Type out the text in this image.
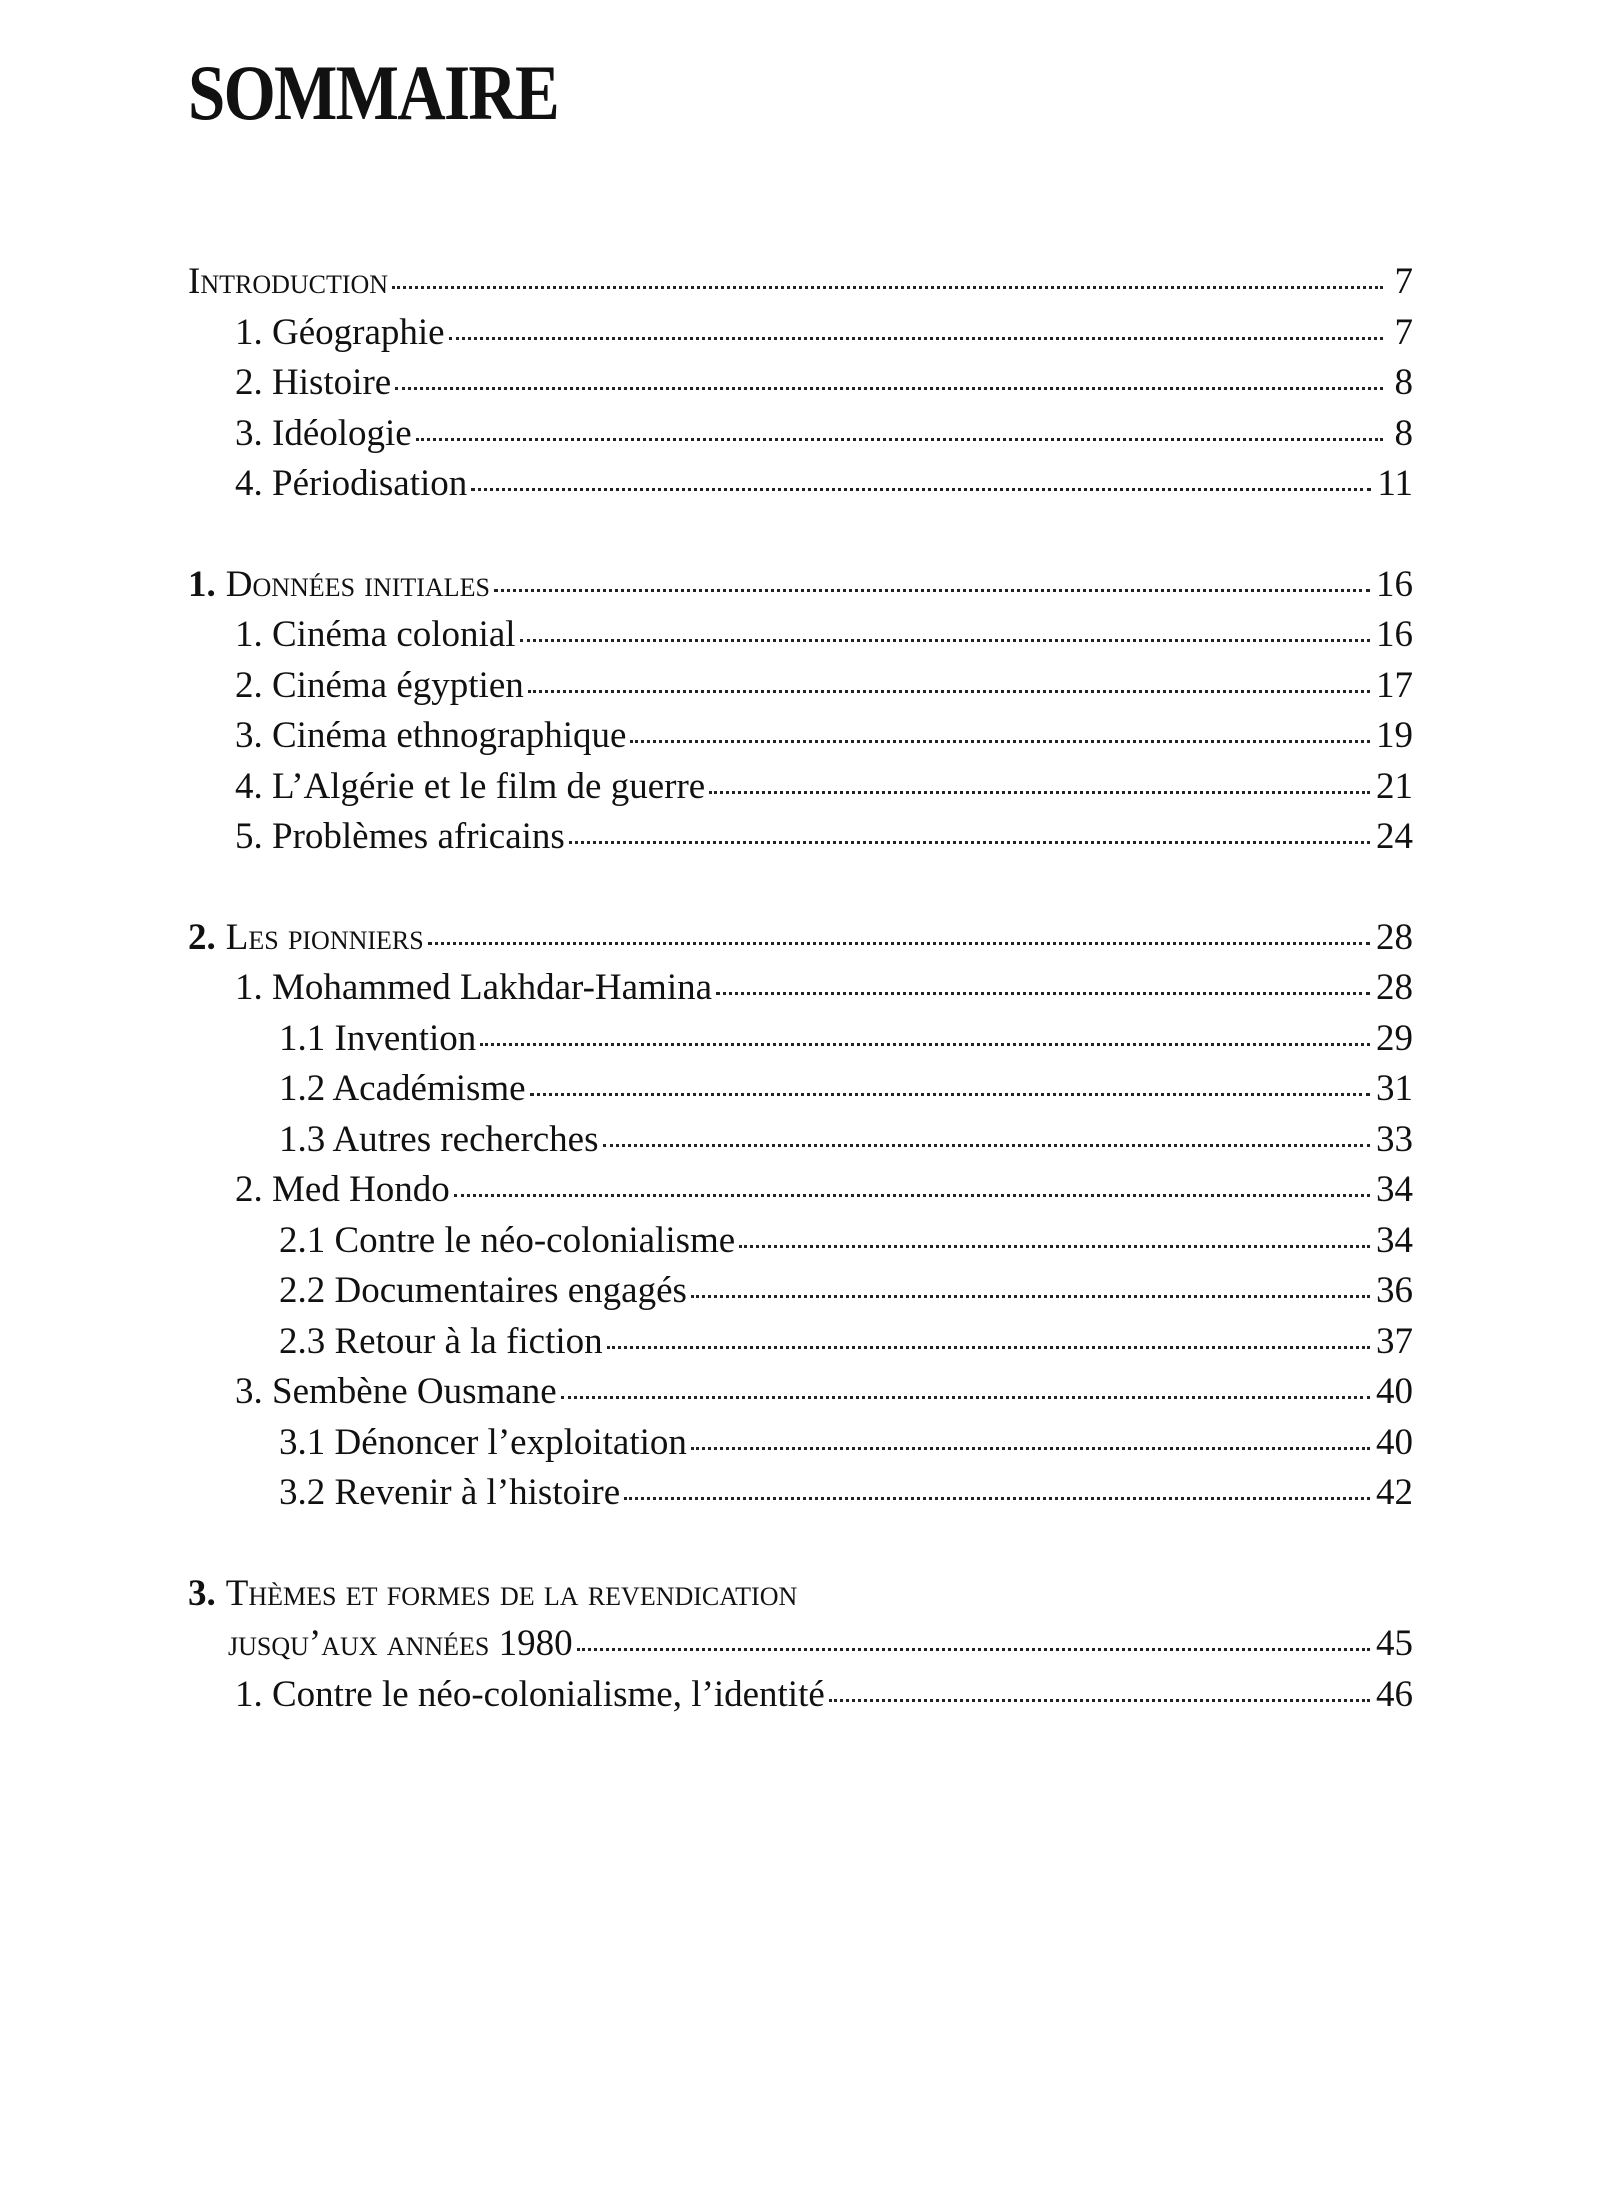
SOMMAIRE
Introduction	7
1. Géographie	7
2. Histoire	8
3. Idéologie	8
4. Périodisation	11
1. Données initiales	16
1. Cinéma colonial	16
2. Cinéma égyptien	17
3. Cinéma ethnographique	19
4. L’Algérie et le film de guerre	21
5. Problèmes africains	24
2. Les pionniers	28
1. Mohammed Lakhdar-Hamina	28
1.1 Invention	29
1.2 Académisme	31
1.3 Autres recherches	33
2. Med Hondo	34
2.1 Contre le néo-colonialisme	34
2.2 Documentaires engagés	36
2.3 Retour à la fiction	37
3. Sembène Ousmane	40
3.1 Dénoncer l’exploitation	40
3.2 Revenir à l’histoire	42
3. Thèmes et formes de la revendication
jusqu’aux années 1980	45
1. Contre le néo-colonialisme, l’identité	46
